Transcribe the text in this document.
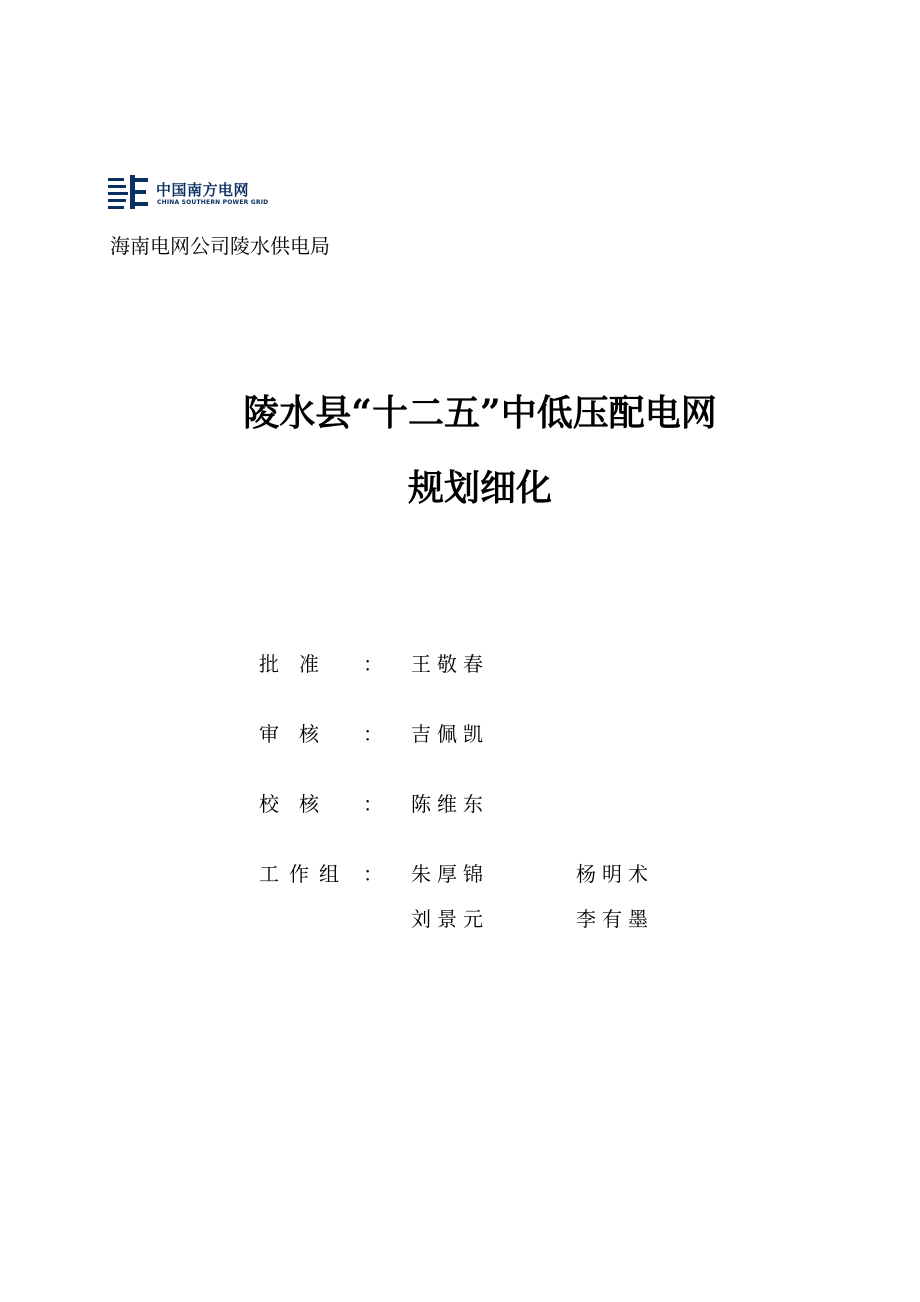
中国南方电网
CHINA SOUTHERN POWER GRID
海南电网公司陵水供电局
陵水县“十二五”中低压配电网
规划细化
批　准 ： 王敬春
审　核 ： 吉佩凯
校　核 ： 陈维东
工作组 ： 朱厚锦	杨明术
刘景元	李有墨
